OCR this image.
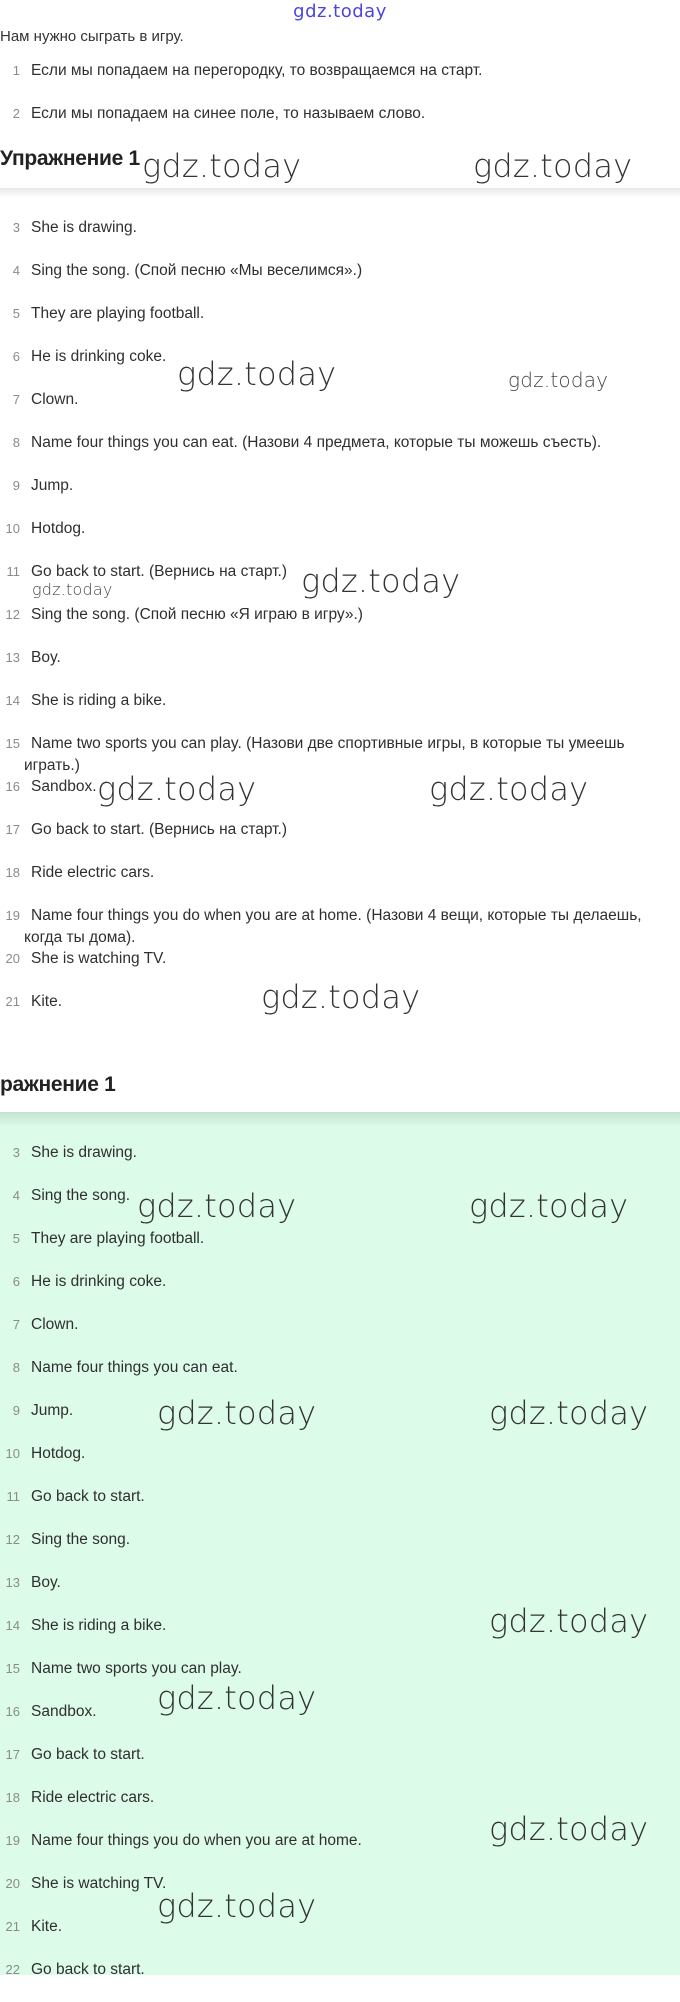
gdz.today
Нам нужно сыграть в игру.
1 Если мы попадаем на перегородку, то возвращаемся на старт.
2 Если мы попадаем на синее поле, то называем слово.
Упражнение 1
3 She is drawing.
4 Sing the song. (Спой песню «Мы веселимся».)
5 They are playing football.
6 He is drinking coke.
7 Clown.
8 Name four things you can eat. (Назови 4 предмета, которые ты можешь съесть).
9 Jump.
10 Hotdog.
11 Go back to start. (Вернись на старт.)
12 Sing the song. (Спой песню «Я играю в игру».)
13 Boy.
14 She is riding a bike.
15 Name two sports you can play. (Назови две спортивные игры, в которые ты умеешь играть.)
16 Sandbox.
17 Go back to start. (Вернись на старт.)
18 Ride electric cars.
19 Name four things you do when you are at home. (Назови 4 вещи, которые ты делаешь, когда ты дома).
20 She is watching TV.
21 Kite.
ражнение 1
3 She is drawing.
4 Sing the song.
5 They are playing football.
6 He is drinking coke.
7 Clown.
8 Name four things you can eat.
9 Jump.
10 Hotdog.
11 Go back to start.
12 Sing the song.
13 Boy.
14 She is riding a bike.
15 Name two sports you can play.
16 Sandbox.
17 Go back to start.
18 Ride electric cars.
19 Name four things you do when you are at home.
20 She is watching TV.
21 Kite.
22 Go back to start.
gdz.today	gdz.today
gdz.today	gdz.today
gdz.today
gdz.today
gdz.today	gdz.today
gdz.today
gdz.today	gdz.today
gdz.today	gdz.today
gdz.today
gdz.today
gdz.today
gdz.today
